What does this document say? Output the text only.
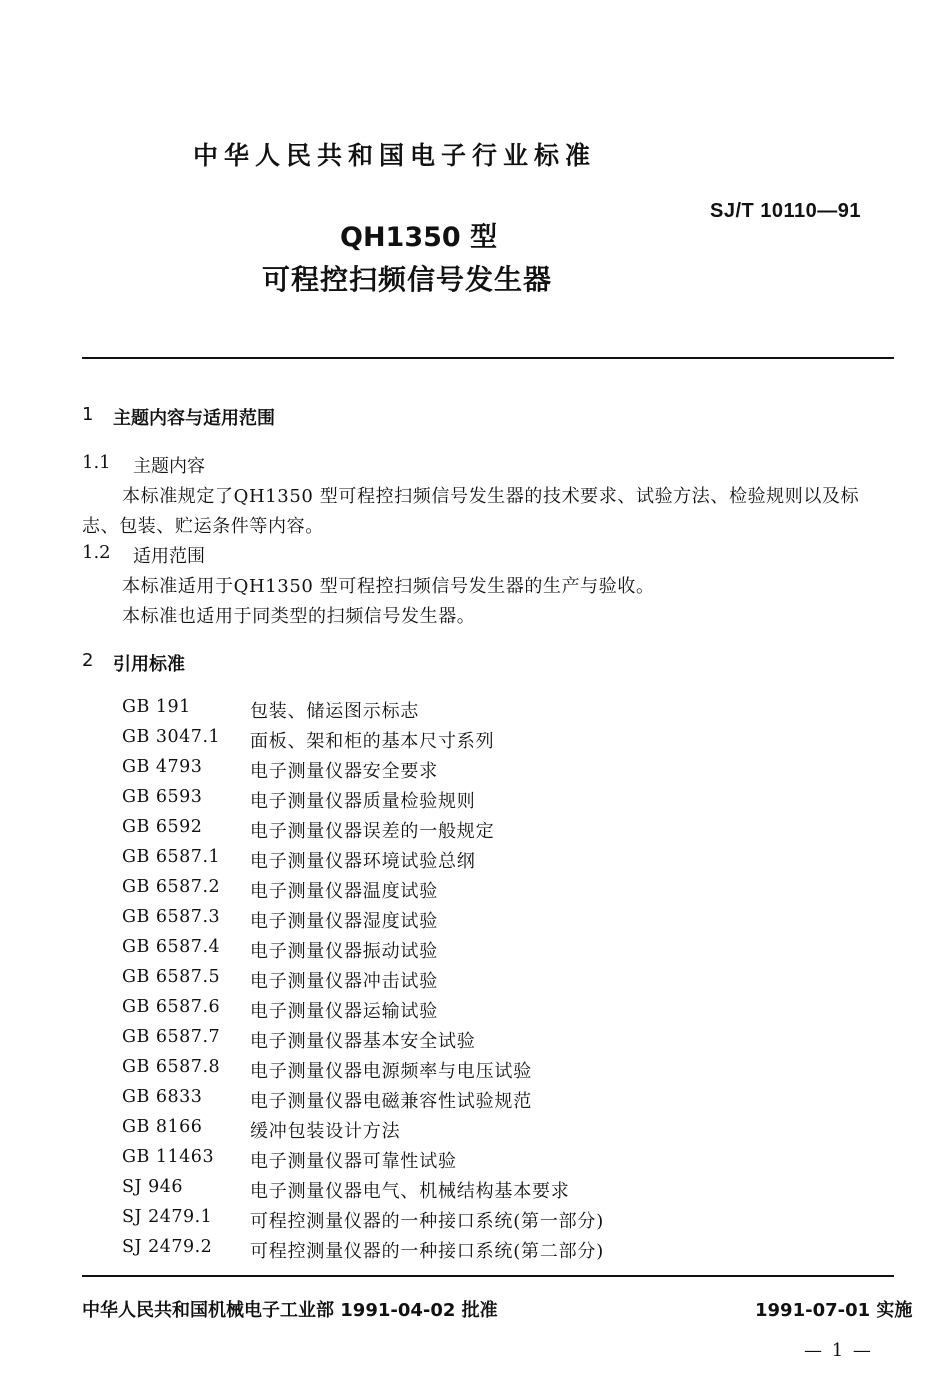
中华人民共和国电子行业标准
SJ/T 10110—91
QH1350 型
可程控扫频信号发生器
1 主题内容与适用范围
1.1 主题内容
本标准规定了QH1350 型可程控扫频信号发生器的技术要求、试验方法、检验规则以及标
志、包装、贮运条件等内容。
1.2 适用范围
本标准适用于QH1350 型可程控扫频信号发生器的生产与验收。
本标准也适用于同类型的扫频信号发生器。
2 引用标准
GB 191	包装、储运图示标志
GB 3047.1 面板、架和柜的基本尺寸系列
GB 4793	电子测量仪器安全要求
GB 6593	电子测量仪器质量检验规则
GB 6592	电子测量仪器误差的一般规定
GB 6587.1 电子测量仪器环境试验总纲
GB 6587.2 电子测量仪器温度试验
GB 6587.3 电子测量仪器湿度试验
GB 6587.4 电子测量仪器振动试验
GB 6587.5 电子测量仪器冲击试验
GB 6587.6 电子测量仪器运输试验
GB 6587.7 电子测量仪器基本安全试验
GB 6587.8 电子测量仪器电源频率与电压试验
GB 6833	电子测量仪器电磁兼容性试验规范
GB 8166	缓冲包装设计方法
GB 11463 电子测量仪器可靠性试验
SJ 946	电子测量仪器电气、机械结构基本要求
SJ 2479.1 可程控测量仪器的一种接口系统(第一部分)
SJ 2479.2 可程控测量仪器的一种接口系统(第二部分)
中华人民共和国机械电子工业部 1991-04-02 批准	1991-07-01 实施
— 1 —
